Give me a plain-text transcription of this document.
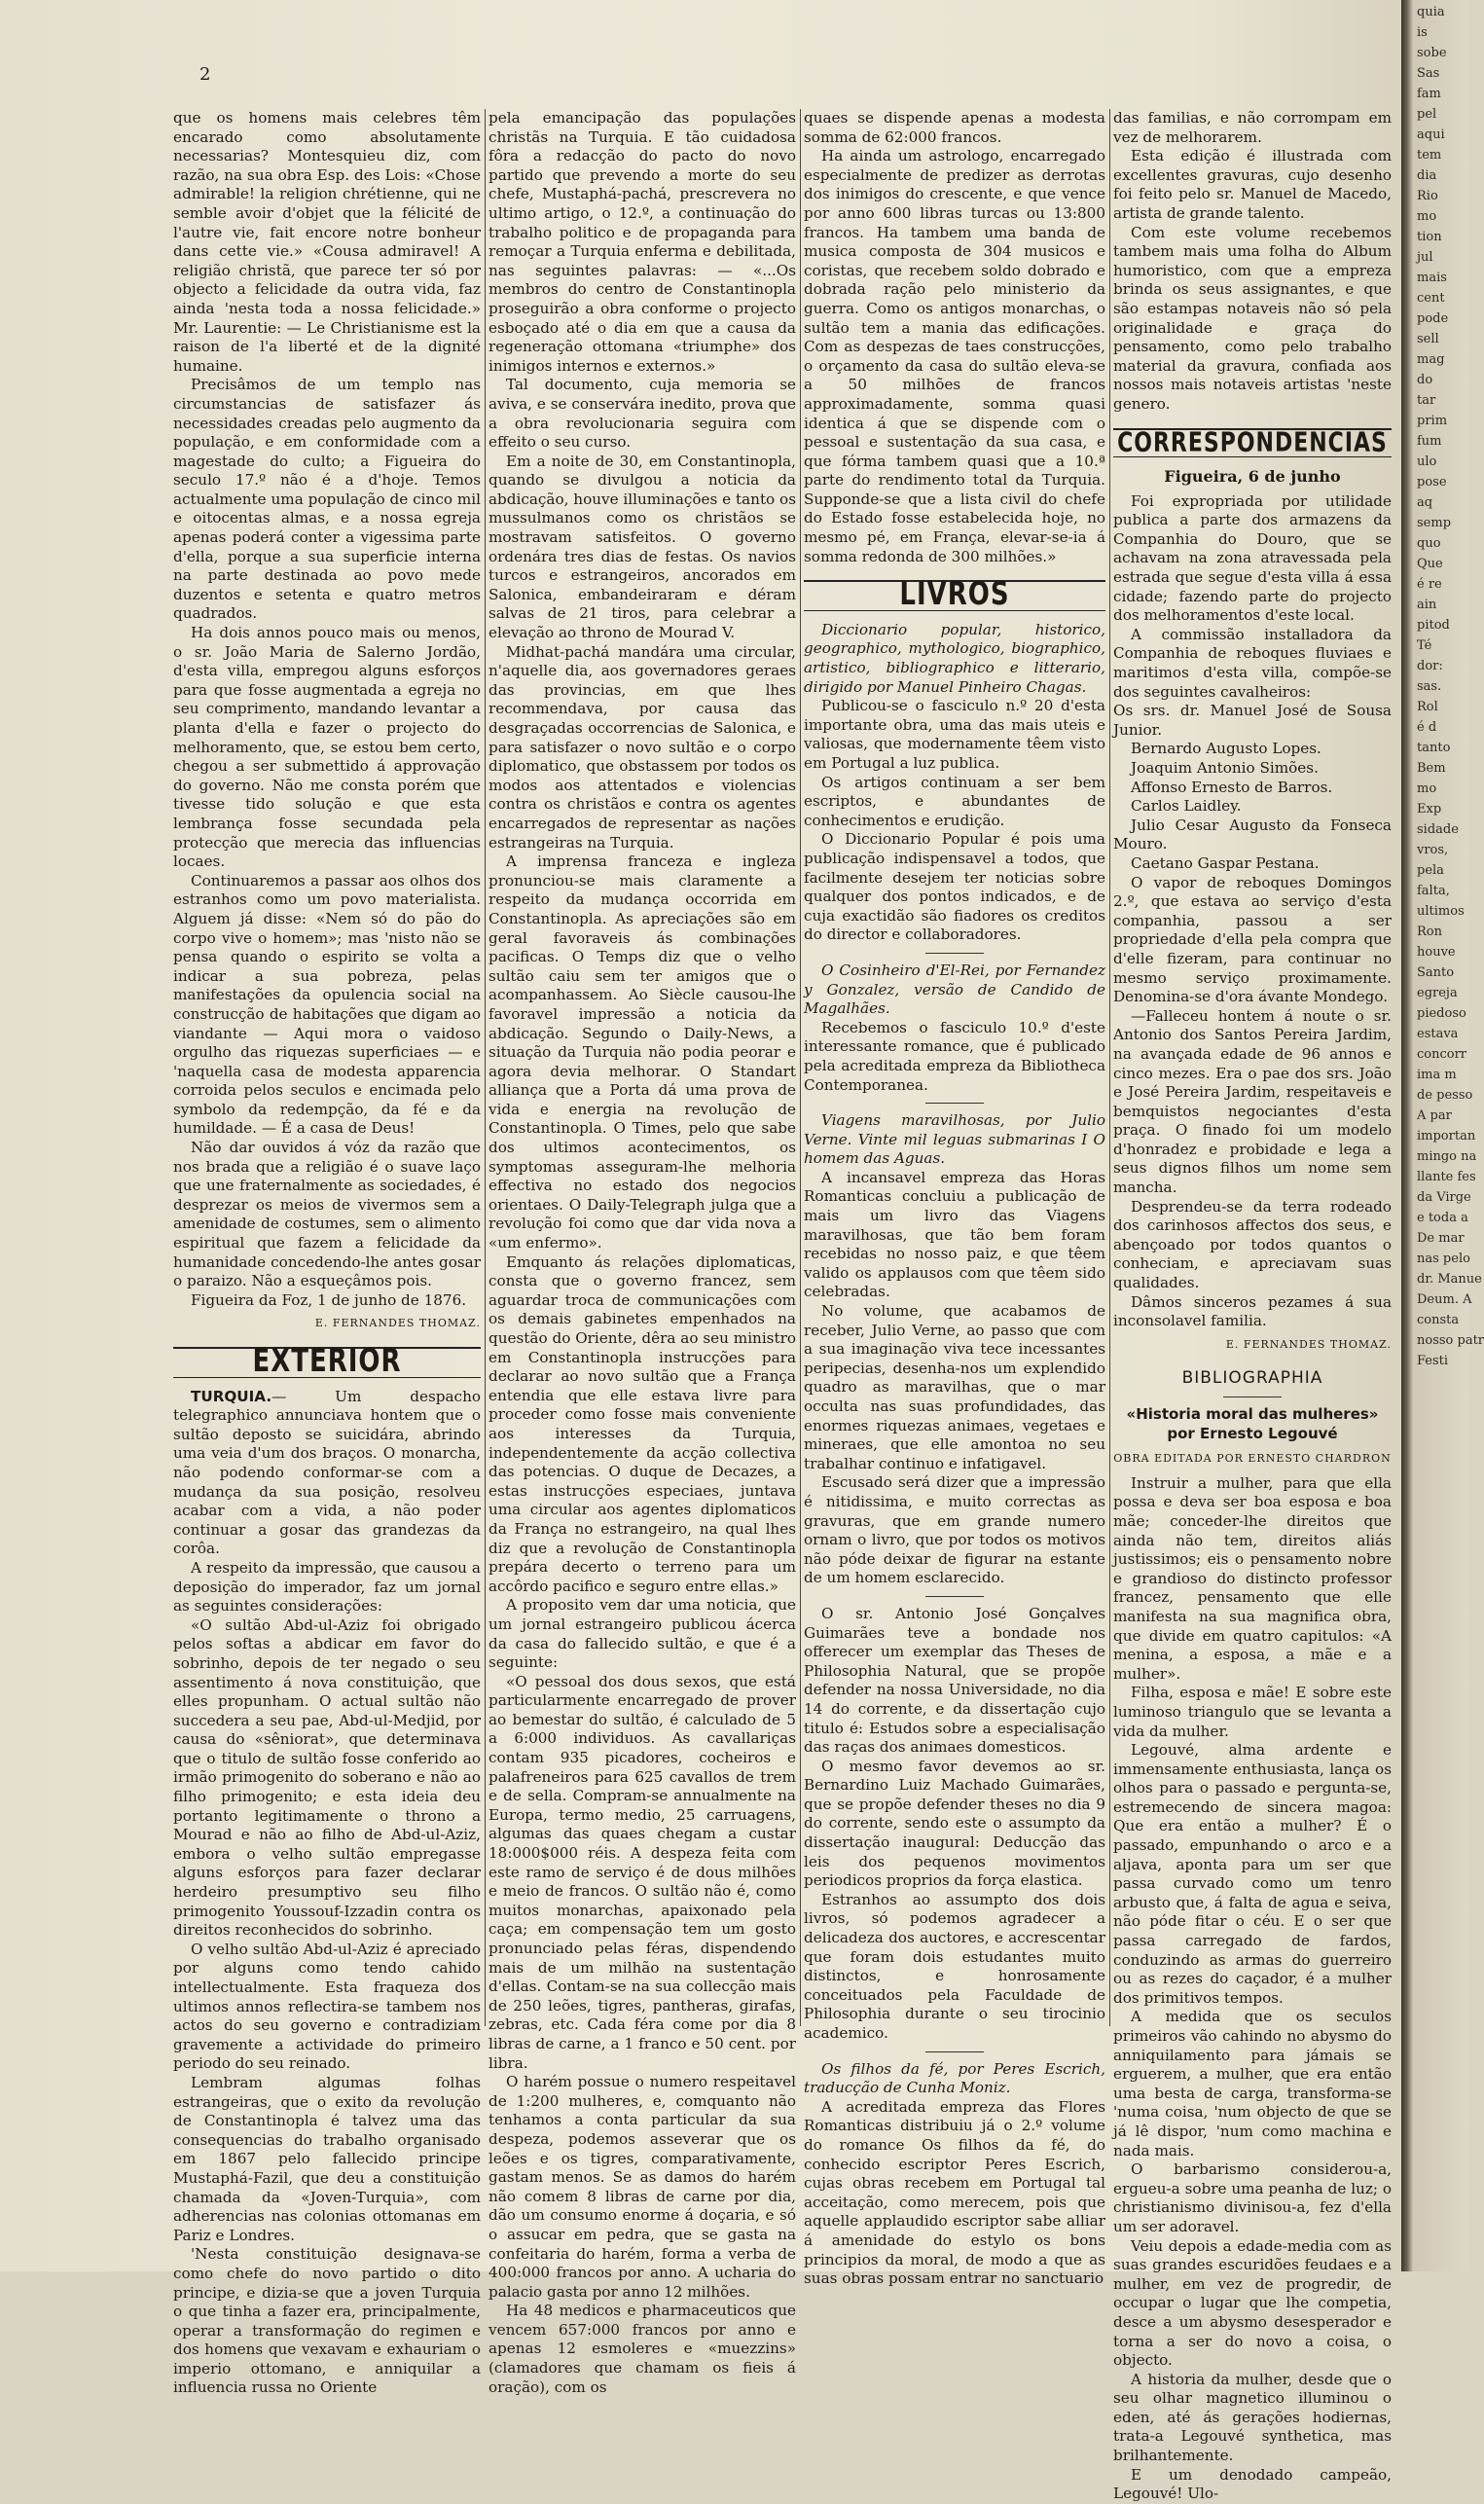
2

que os homens mais celebres têm encarado como absolutamente necessarias? Montesquieu diz, com razão, na sua obra Esp. des Lois: «Chose admirable! la religion chrétienne, qui ne semble avoir d'objet que la félicité de l'autre vie, fait encore notre bonheur dans cette vie.» «Cousa admiravel! A religião christã, que parece ter só por objecto a felicidade da outra vida, faz ainda 'nesta toda a nossa felicidade.» Mr. Laurentie: — Le Christianisme est la raison de l'a liberté et de la dignité humaine.

Precisâmos de um templo nas circumstancias de satisfazer ás necessidades creadas pelo augmento da população, e em conformidade com a magestade do culto; a Figueira do seculo 17.º não é a d'hoje. Temos actualmente uma população de cinco mil e oitocentas almas, e a nossa egreja apenas poderá conter a vigessima parte d'ella, porque a sua superficie interna na parte destinada ao povo mede duzentos e setenta e quatro metros quadrados.

Ha dois annos pouco mais ou menos, o sr. João Maria de Salerno Jordão, d'esta villa, empregou alguns esforços para que fosse augmentada a egreja no seu comprimento, mandando levantar a planta d'ella e fazer o projecto do melhoramento, que, se estou bem certo, chegou a ser submettido á approvação do governo. Não me consta porém que tivesse tido solução e que esta lembrança fosse secundada pela protecção que merecia das influencias locaes.

Continuaremos a passar aos olhos dos estranhos como um povo materialista. Alguem já disse: «Nem só do pão do corpo vive o homem»; mas 'nisto não se pensa quando o espirito se volta a indicar a sua pobreza, pelas manifestações da opulencia social na construcção de habitações que digam ao viandante — Aqui mora o vaidoso orgulho das riquezas superficiaes — e 'naquella casa de modesta apparencia corroida pelos seculos e encimada pelo symbolo da redempção, da fé e da humildade. — É a casa de Deus!

Não dar ouvidos á vóz da razão que nos brada que a religião é o suave laço que une fraternalmente as sociedades, é desprezar os meios de vivermos sem a amenidade de costumes, sem o alimento espiritual que fazem a felicidade da humanidade concedendo-lhe antes gosar o paraizo. Não a esqueçâmos pois.

Figueira da Foz, 1 de junho de 1876.

E. FERNANDES THOMAZ.
EXTERIOR

TURQUIA.— Um despacho telegraphico annunciava hontem que o sultão deposto se suicidára, abrindo uma veia d'um dos braços. O monarcha, não podendo conformar-se com a mudança da sua posição, resolveu acabar com a vida, a não poder continuar a gosar das grandezas da corôa.

A respeito da impressão, que causou a deposição do imperador, faz um jornal as seguintes considerações:

«O sultão Abd-ul-Aziz foi obrigado pelos softas a abdicar em favor do sobrinho, depois de ter negado o seu assentimento á nova constituição, que elles propunham. O actual sultão não succedera a seu pae, Abd-ul-Medjid, por causa do «sêniorat», que determinava que o titulo de sultão fosse conferido ao irmão primogenito do soberano e não ao filho primogenito; e esta ideia deu portanto legitimamente o throno a Mourad e não ao filho de Abd-ul-Aziz, embora o velho sultão empregasse alguns esforços para fazer declarar herdeiro presumptivo seu filho primogenito Youssouf-Izzadin contra os direitos reconhecidos do sobrinho.

O velho sultão Abd-ul-Aziz é apreciado por alguns como tendo cahido intellectualmente. Esta fraqueza dos ultimos annos reflectira-se tambem nos actos do seu governo e contradiziam gravemente a actividade do primeiro periodo do seu reinado.

Lembram algumas folhas estrangeiras, que o exito da revolução de Constantinopla é talvez uma das consequencias do trabalho organisado em 1867 pelo fallecido principe Mustaphá-Fazil, que deu a constituição chamada da «Joven-Turquia», com adherencias nas colonias ottomanas em Pariz e Londres.

'Nesta constituição designava-se como chefe do novo partido o dito principe, e dizia-se que a joven Turquia o que tinha a fazer era, principalmente, operar a transformação do regimen e dos homens que vexavam e exhauriam o imperio ottomano, e anniquilar a influencia russa no Oriente

pela emancipação das populações christãs na Turquia. E tão cuidadosa fôra a redacção do pacto do novo partido que prevendo a morte do seu chefe, Mustaphá-pachá, prescrevera no ultimo artigo, o 12.º, a continuação do trabalho politico e de propaganda para remoçar a Turquia enferma e debilitada, nas seguintes palavras: — «...Os membros do centro de Constantinopla proseguirão a obra conforme o projecto esboçado até o dia em que a causa da regeneração ottomana «triumphe» dos inimigos internos e externos.»

Tal documento, cuja memoria se aviva, e se conservára inedito, prova que a obra revolucionaria seguira com effeito o seu curso.

Em a noite de 30, em Constantinopla, quando se divulgou a noticia da abdicação, houve illuminações e tanto os mussulmanos como os christãos se mostravam satisfeitos. O governo ordenára tres dias de festas. Os navios turcos e estrangeiros, ancorados em Salonica, embandeiraram e déram salvas de 21 tiros, para celebrar a elevação ao throno de Mourad V.

Midhat-pachá mandára uma circular, n'aquelle dia, aos governadores geraes das provincias, em que lhes recommendava, por causa das desgraçadas occorrencias de Salonica, e para satisfazer o novo sultão e o corpo diplomatico, que obstassem por todos os modos aos attentados e violencias contra os christãos e contra os agentes encarregados de representar as nações estrangeiras na Turquia.

A imprensa franceza e ingleza pronunciou-se mais claramente a respeito da mudança occorrida em Constantinopla. As apreciações são em geral favoraveis ás combinações pacificas. O Temps diz que o velho sultão caiu sem ter amigos que o acompanhassem. Ao Siècle causou-lhe favoravel impressão a noticia da abdicação. Segundo o Daily-News, a situação da Turquia não podia peorar e agora devia melhorar. O Standart alliança que a Porta dá uma prova de vida e energia na revolução de Constantinopla. O Times, pelo que sabe dos ultimos acontecimentos, os symptomas asseguram-lhe melhoria effectiva no estado dos negocios orientaes. O Daily-Telegraph julga que a revolução foi como que dar vida nova a «um enfermo».

Emquanto ás relações diplomaticas, consta que o governo francez, sem aguardar troca de communicações com os demais gabinetes empenhados na questão do Oriente, dêra ao seu ministro em Constantinopla instrucções para declarar ao novo sultão que a França entendia que elle estava livre para proceder como fosse mais conveniente aos interesses da Turquia, independentemente da acção collectiva das potencias. O duque de Decazes, a estas instrucções especiaes, juntava uma circular aos agentes diplomaticos da França no estrangeiro, na qual lhes diz que a revolução de Constantinopla prepára decerto o terreno para um accôrdo pacifico e seguro entre ellas.»

A proposito vem dar uma noticia, que um jornal estrangeiro publicou ácerca da casa do fallecido sultão, e que é a seguinte:

«O pessoal dos dous sexos, que está particularmente encarregado de prover ao bemestar do sultão, é calculado de 5 a 6:000 individuos. As cavallariças contam 935 picadores, cocheiros e palafreneiros para 625 cavallos de trem e de sella. Compram-se annualmente na Europa, termo medio, 25 carruagens, algumas das quaes chegam a custar 18:000$000 réis. A despeza feita com este ramo de serviço é de dous milhões e meio de francos. O sultão não é, como muitos monarchas, apaixonado pela caça; em compensação tem um gosto pronunciado pelas féras, dispendendo mais de um milhão na sustentação d'ellas. Contam-se na sua collecção mais de 250 leões, tigres, pantheras, girafas, zebras, etc. Cada féra come por dia 8 libras de carne, a 1 franco e 50 cent. por libra.

O harém possue o numero respeitavel de 1:200 mulheres, e, comquanto não tenhamos a conta particular da sua despeza, podemos asseverar que os leões e os tigres, comparativamente, gastam menos. Se as damos do harém não comem 8 libras de carne por dia, dão um consumo enorme á doçaria, e só o assucar em pedra, que se gasta na confeitaria do harém, forma a verba de 400:000 francos por anno. A ucharia do palacio gasta por anno 12 milhões.

Ha 48 medicos e pharmaceuticos que vencem 657:000 francos por anno e apenas 12 esmoleres e «muezzins» (clamadores que chamam os fieis á oração), com os

quaes se dispende apenas a modesta somma de 62:000 francos.

Ha ainda um astrologo, encarregado especialmente de predizer as derrotas dos inimigos do crescente, e que vence por anno 600 libras turcas ou 13:800 francos. Ha tambem uma banda de musica composta de 304 musicos e coristas, que recebem soldo dobrado e dobrada ração pelo ministerio da guerra. Como os antigos monarchas, o sultão tem a mania das edificações. Com as despezas de taes construcções, o orçamento da casa do sultão eleva-se a 50 milhões de francos approximadamente, somma quasi identica á que se dispende com o pessoal e sustentação da sua casa, e que fórma tambem quasi que a 10.ª parte do rendimento total da Turquia. Supponde-se que a lista civil do chefe do Estado fosse estabelecida hoje, no mesmo pé, em França, elevar-se-ia á somma redonda de 300 milhões.»

LIVROS

Diccionario popular, historico, geographico, mythologico, biographico, artistico, bibliographico e litterario, dirigido por Manuel Pinheiro Chagas.

Publicou-se o fasciculo n.º 20 d'esta importante obra, uma das mais uteis e valiosas, que modernamente têem visto em Portugal a luz publica.

Os artigos continuam a ser bem escriptos, e abundantes de conhecimentos e erudição.

O Diccionario Popular é pois uma publicação indispensavel a todos, que facilmente desejem ter noticias sobre qualquer dos pontos indicados, e de cuja exactidão são fiadores os creditos do director e collaboradores.

O Cosinheiro d'El-Rei, por Fernandez y Gonzalez, versão de Candido de Magalhães.

Recebemos o fasciculo 10.º d'este interessante romance, que é publicado pela acreditada empreza da Bibliotheca Contemporanea.

Viagens maravilhosas, por Julio Verne. Vinte mil leguas submarinas I O homem das Aguas.

A incansavel empreza das Horas Romanticas concluiu a publicação de mais um livro das Viagens maravilhosas, que tão bem foram recebidas no nosso paiz, e que têem valido os applausos com que têem sido celebradas.

No volume, que acabamos de receber, Julio Verne, ao passo que com a sua imaginação viva tece incessantes peripecias, desenha-nos um explendido quadro as maravilhas, que o mar occulta nas suas profundidades, das enormes riquezas animaes, vegetaes e mineraes, que elle amontoa no seu trabalhar continuo e infatigavel.

Escusado será dizer que a impressão é nitidissima, e muito correctas as gravuras, que em grande numero ornam o livro, que por todos os motivos não póde deixar de figurar na estante de um homem esclarecido.

O sr. Antonio José Gonçalves Guimarães teve a bondade nos offerecer um exemplar das Theses de Philosophia Natural, que se propõe defender na nossa Universidade, no dia 14 do corrente, e da dissertação cujo titulo é: Estudos sobre a especialisação das raças dos animaes domesticos.

O mesmo favor devemos ao sr. Bernardino Luiz Machado Guimarães, que se propõe defender theses no dia 9 do corrente, sendo este o assumpto da dissertação inaugural: Deducção das leis dos pequenos movimentos periodicos proprios da força elastica.

Estranhos ao assumpto dos dois livros, só podemos agradecer a delicadeza dos auctores, e accrescentar que foram dois estudantes muito distinctos, e honrosamente conceituados pela Faculdade de Philosophia durante o seu tirocinio academico.

Os filhos da fé, por Peres Escrich, traducção de Cunha Moniz.

A acreditada empreza das Flores Romanticas distribuiu já o 2.º volume do romance Os filhos da fé, do conhecido escriptor Peres Escrich, cujas obras recebem em Portugal tal acceitação, como merecem, pois que aquelle applaudido escriptor sabe alliar á amenidade do estylo os bons principios da moral, de modo a que as suas obras possam entrar no sanctuario

das familias, e não corrompam em vez de melhorarem.

Esta edição é illustrada com excellentes gravuras, cujo desenho foi feito pelo sr. Manuel de Macedo, artista de grande talento.

Com este volume recebemos tambem mais uma folha do Album humoristico, com que a empreza brinda os seus assignantes, e que são estampas notaveis não só pela originalidade e graça do pensamento, como pelo trabalho material da gravura, confiada aos nossos mais notaveis artistas 'neste genero.

CORRESPONDENCIAS
Figueira, 6 de junho

Foi expropriada por utilidade publica a parte dos armazens da Companhia do Douro, que se achavam na zona atravessada pela estrada que segue d'esta villa á essa cidade; fazendo parte do projecto dos melhoramentos d'este local.

A commissão installadora da Companhia de reboques fluviaes e maritimos d'esta villa, compõe-se dos seguintes cavalheiros:

Os srs. dr. Manuel José de Sousa Junior.

Bernardo Augusto Lopes.

Joaquim Antonio Simões.

Affonso Ernesto de Barros.

Carlos Laidley.

Julio Cesar Augusto da Fonseca Mouro.

Caetano Gaspar Pestana.

O vapor de reboques Domingos 2.º, que estava ao serviço d'esta companhia, passou a ser propriedade d'ella pela compra que d'elle fizeram, para continuar no mesmo serviço proximamente. Denomina-se d'ora ávante Mondego.

—Falleceu hontem á noute o sr. Antonio dos Santos Pereira Jardim, na avançada edade de 96 annos e cinco mezes. Era o pae dos srs. João e José Pereira Jardim, respeitaveis e bemquistos negociantes d'esta praça. O finado foi um modelo d'honradez e probidade e lega a seus dignos filhos um nome sem mancha.

Desprendeu-se da terra rodeado dos carinhosos affectos dos seus, e abençoado por todos quantos o conheciam, e apreciavam suas qualidades.

Dâmos sinceros pezames á sua inconsolavel familia.

E. FERNANDES THOMAZ.
BIBLIOGRAPHIA
«Historia moral das mulheres» por Ernesto Legouvé
OBRA EDITADA POR ERNESTO CHARDRON

Instruir a mulher, para que ella possa e deva ser boa esposa e boa mãe; conceder-lhe direitos que ainda não tem, direitos aliás justissimos; eis o pensamento nobre e grandioso do distincto professor francez, pensamento que elle manifesta na sua magnifica obra, que divide em quatro capitulos: «A menina, a esposa, a mãe e a mulher».

Filha, esposa e mãe! E sobre este luminoso triangulo que se levanta a vida da mulher.

Legouvé, alma ardente e immensamente enthusiasta, lança os olhos para o passado e pergunta-se, estremecendo de sincera magoa: Que era então a mulher? É o passado, empunhando o arco e a aljava, aponta para um ser que passa curvado como um tenro arbusto que, á falta de agua e seiva, não póde fitar o céu. E o ser que passa carregado de fardos, conduzindo as armas do guerreiro ou as rezes do caçador, é a mulher dos primitivos tempos.

A medida que os seculos primeiros vão cahindo no abysmo do anniquilamento para jámais se erguerem, a mulher, que era então uma besta de carga, transforma-se 'numa coisa, 'num objecto de que se já lê dispor, 'num como machina e nada mais.

O barbarismo considerou-a, ergueu-a sobre uma peanha de luz; o christianismo divinisou-a, fez d'ella um ser adoravel.

Veiu depois a edade-media com as suas grandes escuridões feudaes e a mulher, em vez de progredir, de occupar o lugar que lhe competia, desce a um abysmo desesperador e torna a ser do novo a coisa, o objecto.

A historia da mulher, desde que o seu olhar magnetico illuminou o eden, até ás gerações hodiernas, trata-a Legouvé synthetica, mas brilhantemente.

E um denodado campeão, Legouvé! Ulo-

quia
is
sobe
Sas
fam
pel
aqui
tem
dia
Rio
mo
tion
jul
mais
cent
pode
sell
mag
do
tar
prim
fum
ulo
pose
aq
semp
quo
Que
é re
ain
pitod
Té
dor:
sas.
Rol
é d
tanto
Bem
mo
Exp
sidade
vros,
pela
falta,
ultimos
Ron
houve
Santo
egreja
piedoso
estava
concorr
ima m
de pesso
A par
importan
mingo na
llante fes
da Virge
e toda a
De mar
nas pelo
dr. Manue
Deum. A
consta
nosso patr
Festi
